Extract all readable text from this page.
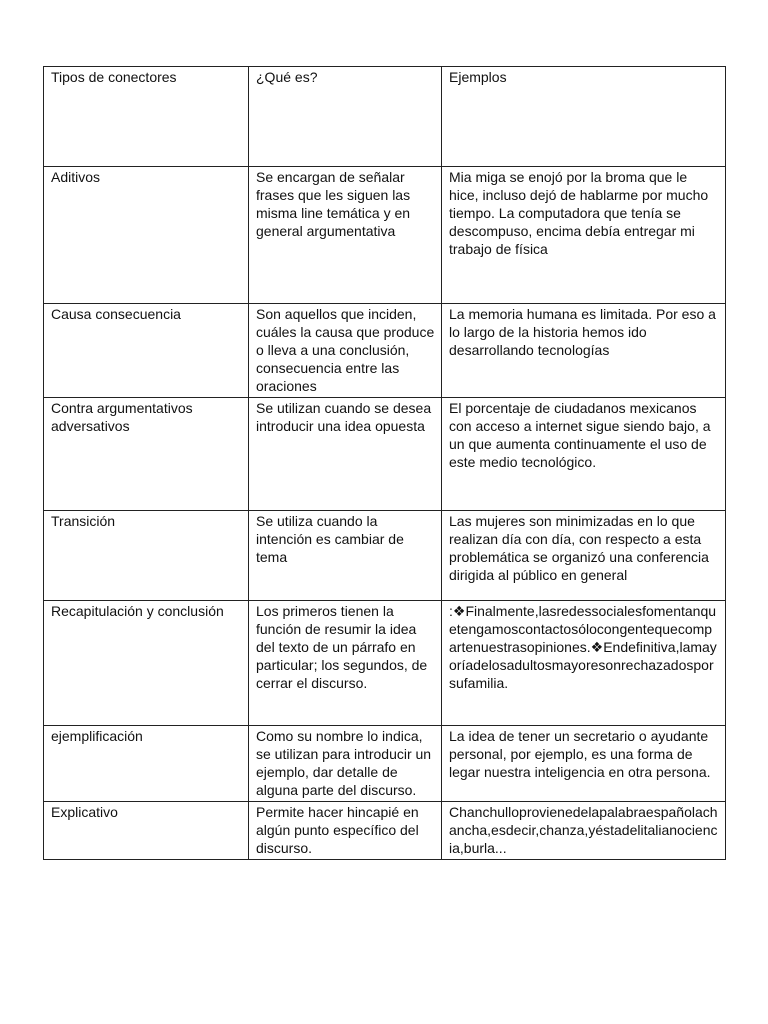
Tipos de conectores	¿Qué es?	Ejemplos
Aditivos	Se encargan de señalar frases que les siguen las misma line temática y en general argumentativa	Mia miga se enojó por la broma que le hice, incluso dejó de hablarme por mucho tiempo. La computadora que tenía se descompuso, encima debía entregar mi trabajo de física
Causa consecuencia	Son aquellos que inciden, cuáles la causa que produce o lleva a una conclusión, consecuencia entre las oraciones	La memoria humana es limitada. Por eso a lo largo de la historia hemos ido desarrollando tecnologías
Contra argumentativos adversativos	Se utilizan cuando se desea introducir una idea opuesta	El porcentaje de ciudadanos mexicanos con acceso a internet sigue siendo bajo, a un que aumenta continuamente el uso de este medio tecnológico.
Transición	Se utiliza cuando la intención es cambiar de tema	Las mujeres son minimizadas en lo que realizan día con día, con respecto a esta problemática se organizó una conferencia dirigida al público en general
Recapitulación y conclusión	Los primeros tienen la función de resumir la idea del texto de un párrafo en particular; los segundos, de cerrar el discurso.	:❖Finalmente,lasredessocialesfomentanquetengamoscontactosólocongentequecompartenuestrasopiniones.❖Endefinitiva,lamayoríadelosadultosmayoresonrechazadosporsufamilia.
ejemplificación	Como su nombre lo indica, se utilizan para introducir un ejemplo, dar detalle de alguna parte del discurso.	La idea de tener un secretario o ayudante personal, por ejemplo, es una forma de legar nuestra inteligencia en otra persona.
Explicativo	Permite hacer hincapié en algún punto específico del discurso.	Chanchulloprovienedelapalabraespañolachancha,esdecir,chanza,yéstadelitalianociencia,burla...
